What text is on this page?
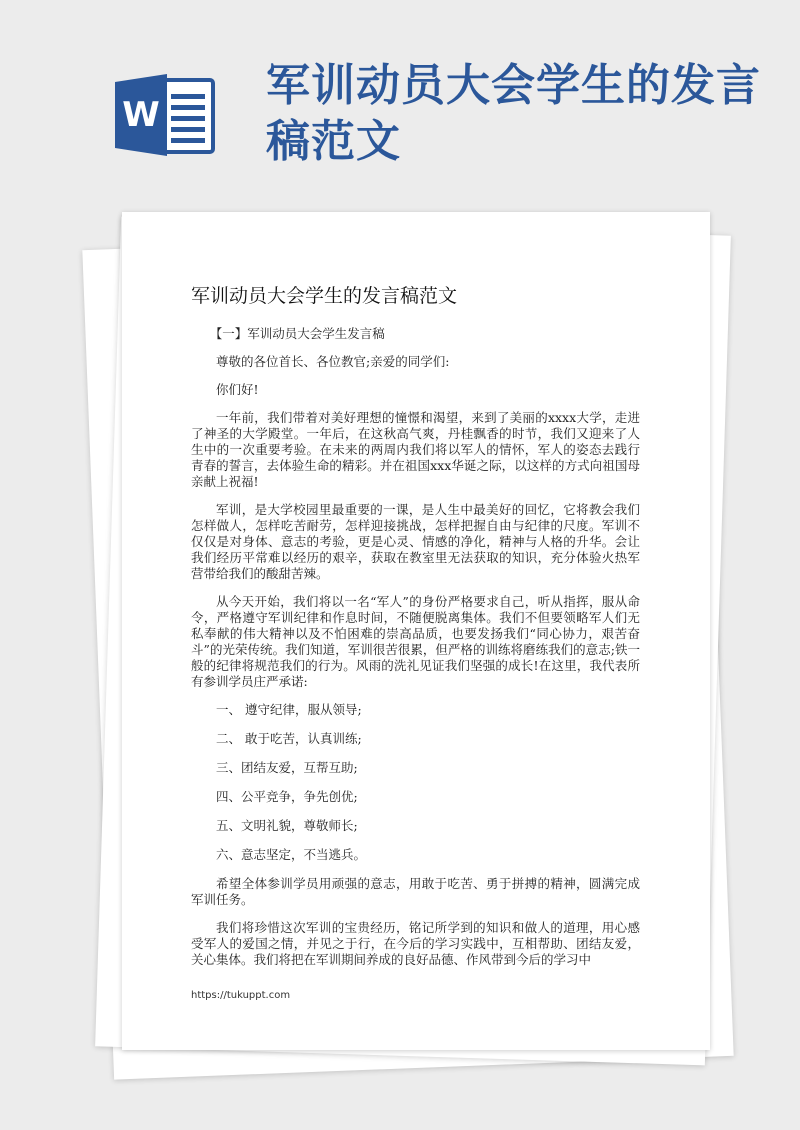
W
军训动员大会学生的发言稿范文
军训动员大会学生的发言稿范文

【一】军训动员大会学生发言稿

尊敬的各位首长、各位教官;亲爱的同学们:

你们好!

一年前，我们带着对美好理想的憧憬和渴望，来到了美丽的xxxx大学，走进了神圣的大学殿堂。一年后，在这秋高气爽，丹桂飘香的时节，我们又迎来了人生中的一次重要考验。在未来的两周内我们将以军人的情怀，军人的姿态去践行青春的誓言，去体验生命的精彩。并在祖国xxx华诞之际，以这样的方式向祖国母亲献上祝福!

军训，是大学校园里最重要的一课，是人生中最美好的回忆，它将教会我们怎样做人，怎样吃苦耐劳，怎样迎接挑战，怎样把握自由与纪律的尺度。军训不仅仅是对身体、意志的考验，更是心灵、情感的净化，精神与人格的升华。会让我们经历平常难以经历的艰辛，获取在教室里无法获取的知识，充分体验火热军营带给我们的酸甜苦辣。

从今天开始，我们将以一名“军人”的身份严格要求自己，听从指挥，服从命令，严格遵守军训纪律和作息时间，不随便脱离集体。我们不但要领略军人们无私奉献的伟大精神以及不怕困难的崇高品质，也要发扬我们“同心协力，艰苦奋斗”的光荣传统。我们知道，军训很苦很累，但严格的训练将磨练我们的意志;铁一般的纪律将规范我们的行为。风雨的洗礼见证我们坚强的成长!在这里，我代表所有参训学员庄严承诺:

一、 遵守纪律，服从领导;

二、 敢于吃苦，认真训练;

三、团结友爱，互帮互助;

四、公平竞争，争先创优;

五、文明礼貌，尊敬师长;

六、意志坚定，不当逃兵。

希望全体参训学员用顽强的意志，用敢于吃苦、勇于拼搏的精神，圆满完成军训任务。

我们将珍惜这次军训的宝贵经历，铭记所学到的知识和做人的道理，用心感受军人的爱国之情，并见之于行，在今后的学习实践中，互相帮助、团结友爱，关心集体。我们将把在军训期间养成的良好品德、作风带到今后的学习中

https://tukuppt.com
